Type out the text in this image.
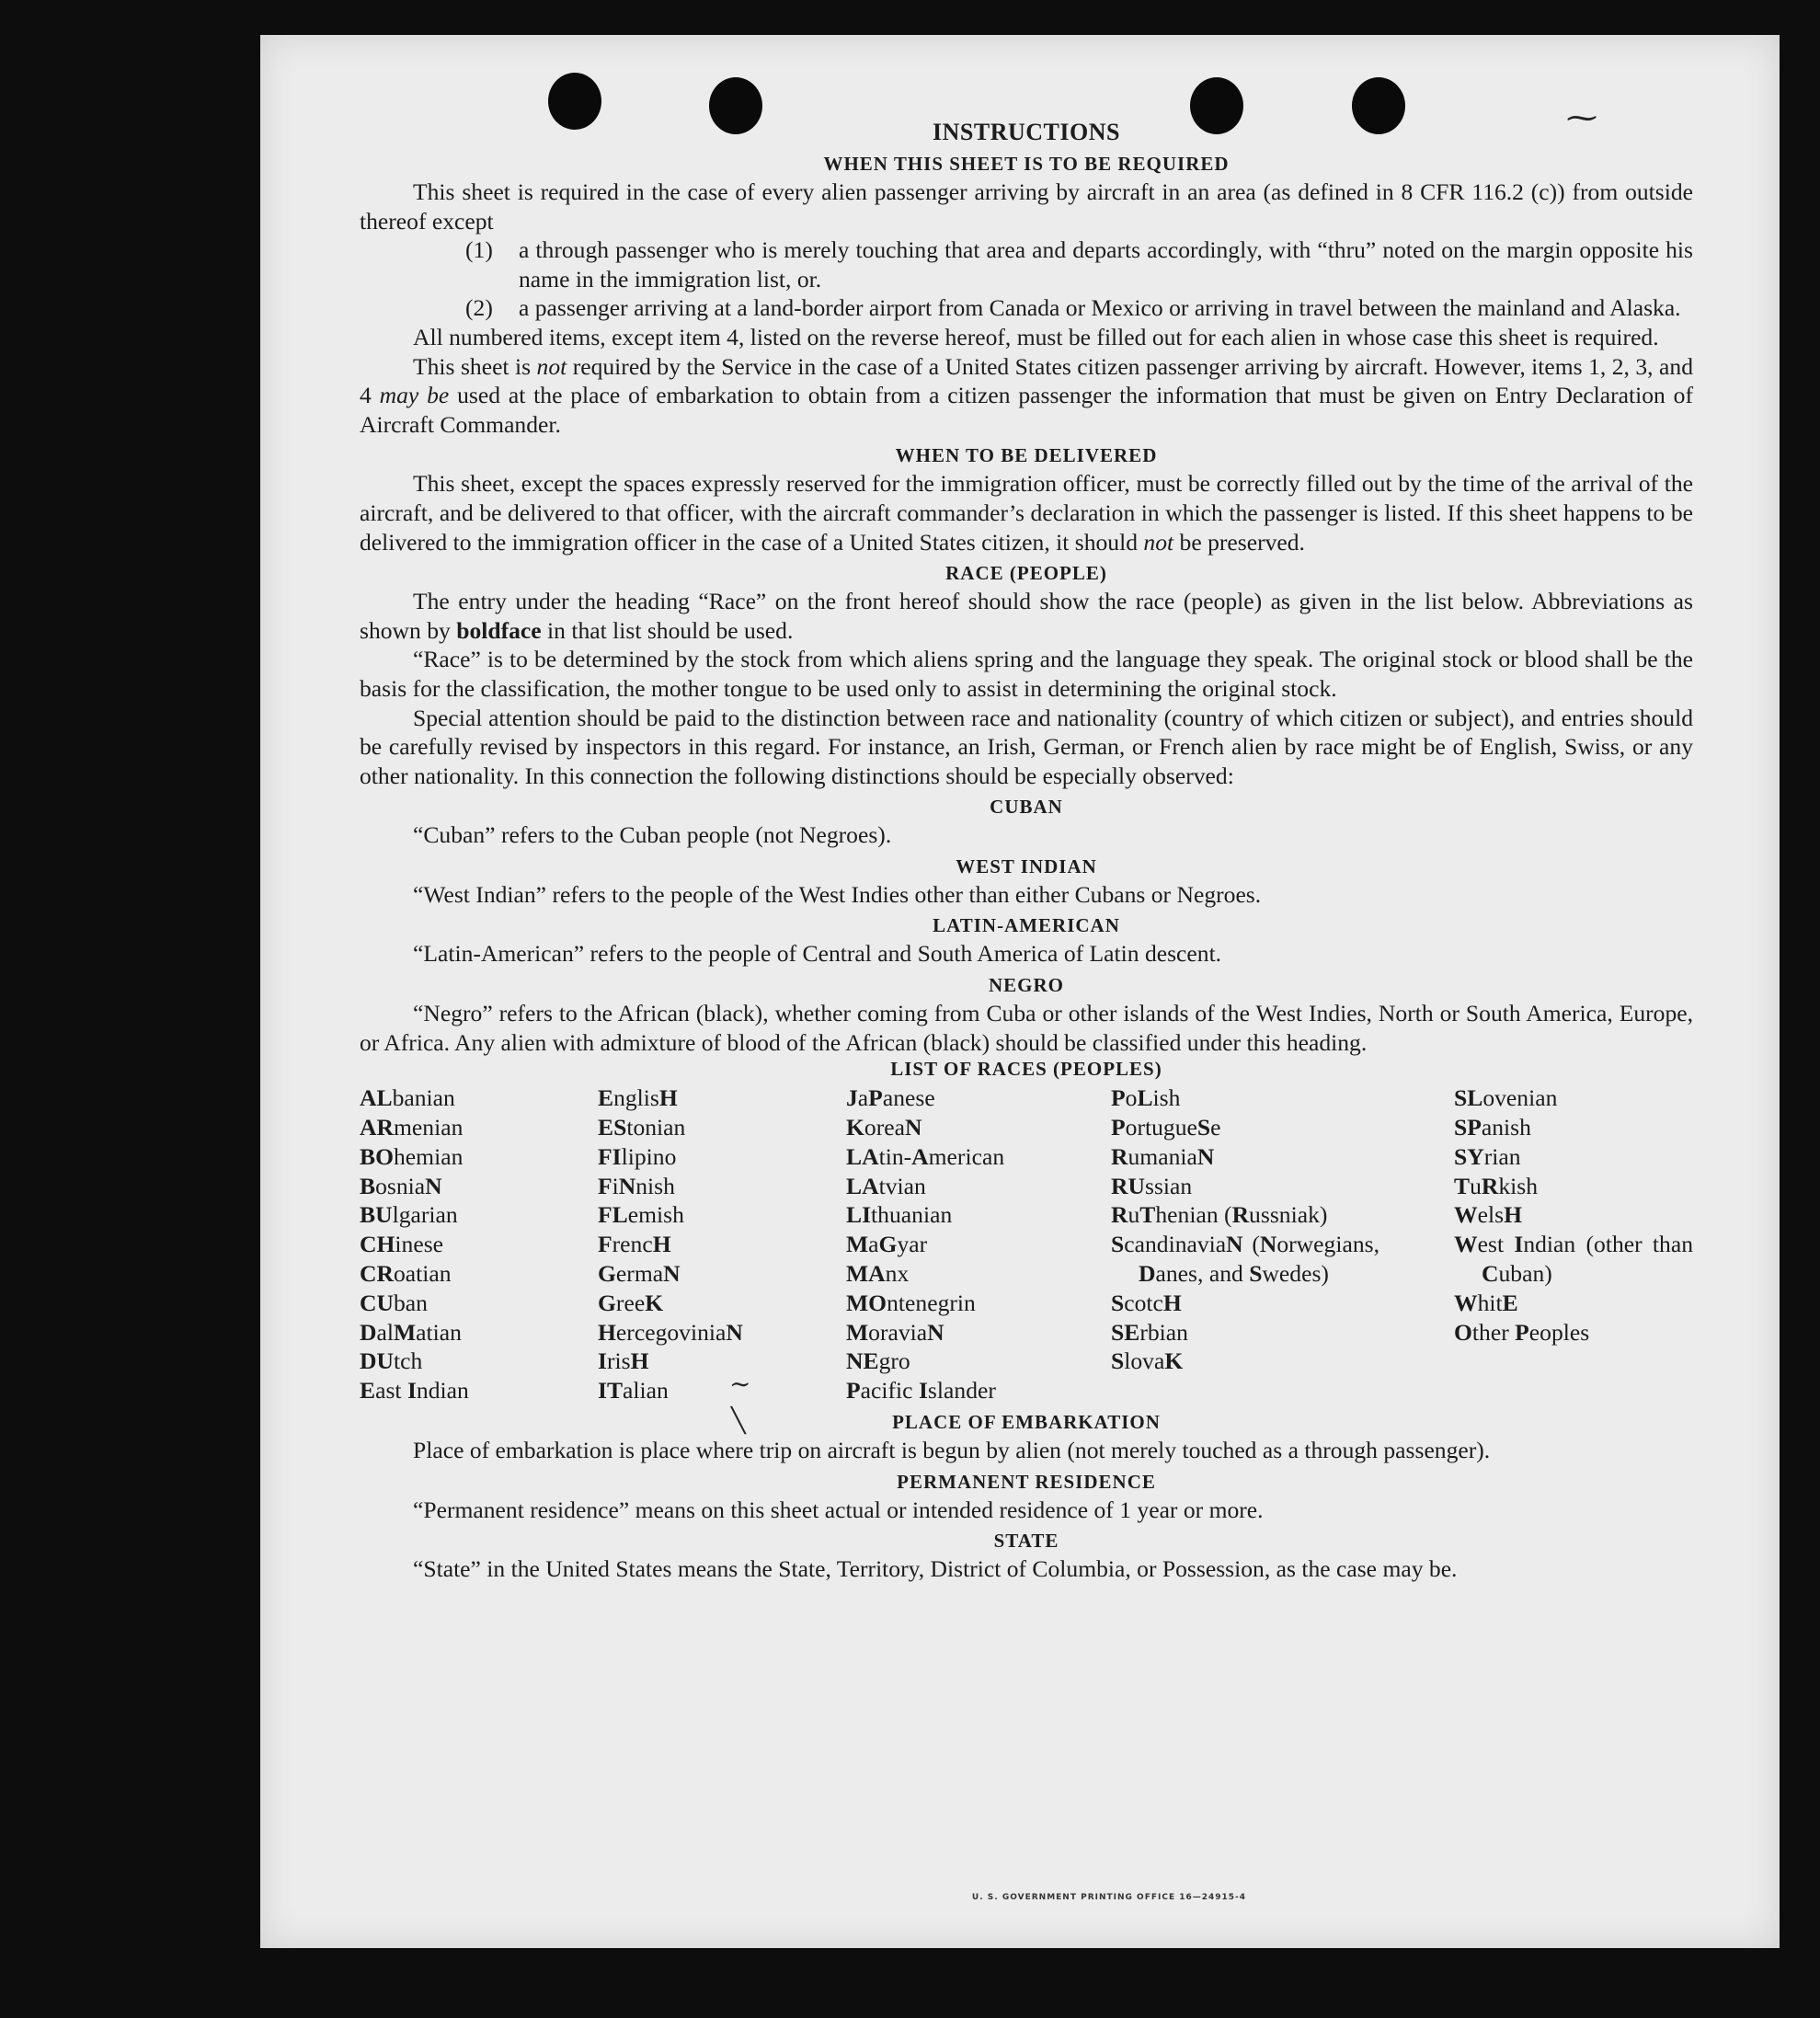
⁓
∼
╲
INSTRUCTIONS
WHEN THIS SHEET IS TO BE REQUIRED

This sheet is required in the case of every alien passenger arriving by aircraft in an area (as defined in 8 CFR 116.2 (c)) from outside thereof except

(1)	a through passenger who is merely touching that area and departs accordingly, with “thru” noted on the margin opposite his name in the immigration list, or.
(2)	a passenger arriving at a land-border airport from Canada or Mexico or arriving in travel between the mainland and Alaska.

All numbered items, except item 4, listed on the reverse hereof, must be filled out for each alien in whose case this sheet is required.

This sheet is not required by the Service in the case of a United States citizen passenger arriving by aircraft. However, items 1, 2, 3, and 4 may be used at the place of embarkation to obtain from a citizen passenger the information that must be given on Entry Declaration of Aircraft Commander.

WHEN TO BE DELIVERED

This sheet, except the spaces expressly reserved for the immigration officer, must be correctly filled out by the time of the arrival of the aircraft, and be delivered to that officer, with the aircraft commander’s declaration in which the passenger is listed. If this sheet happens to be delivered to the immigration officer in the case of a United States citizen, it should not be preserved.

RACE (PEOPLE)

The entry under the heading “Race” on the front hereof should show the race (people) as given in the list below. Abbreviations as shown by boldface in that list should be used.

“Race” is to be determined by the stock from which aliens spring and the language they speak. The original stock or blood shall be the basis for the classification, the mother tongue to be used only to assist in determining the original stock.

Special attention should be paid to the distinction between race and nationality (country of which citizen or subject), and entries should be carefully revised by inspectors in this regard. For instance, an Irish, German, or French alien by race might be of English, Swiss, or any other nationality. In this connection the following distinctions should be especially observed:

CUBAN

“Cuban” refers to the Cuban people (not Negroes).

WEST INDIAN

“West Indian” refers to the people of the West Indies other than either Cubans or Negroes.

LATIN-AMERICAN

“Latin-American” refers to the people of Central and South America of Latin descent.

NEGRO

“Negro” refers to the African (black), whether coming from Cuba or other islands of the West Indies, North or South America, Europe, or Africa. Any alien with admixture of blood of the African (black) should be classified under this heading.

LIST OF RACES (PEOPLES)
ALbanian
ARmenian
BOhemian
BosniaN
BUlgarian
CHinese
CRoatian
CUban
DalMatian
DUtch
East Indian
EnglisH
EStonian
FIlipino
FiNnish
FLemish
FrencH
GermaN
GreeK
HercegoviniaN
IrisH
ITalian
JaPanese
KoreaN
LAtin-American
LAtvian
LIthuanian
MaGyar
MAnx
MOntenegrin
MoraviaN
NEgro
Pacific Islander
PoLish
PortugueSe
RumaniaN
RUssian
RuThenian (Russniak)
ScandinaviaN (Norwegians, Danes, and Swedes)
ScotcH
SErbian
SlovaK
SLovenian
SPanish
SYrian
TuRkish
WelsH
West Indian (other than Cuban)
WhitE
Other Peoples
PLACE OF EMBARKATION

Place of embarkation is place where trip on aircraft is begun by alien (not merely touched as a through passenger).

PERMANENT RESIDENCE

“Permanent residence” means on this sheet actual or intended residence of 1 year or more.

STATE

“State” in the United States means the State, Territory, District of Columbia, or Possession, as the case may be.

U. S. GOVERNMENT PRINTING OFFICE 16—24915-4
